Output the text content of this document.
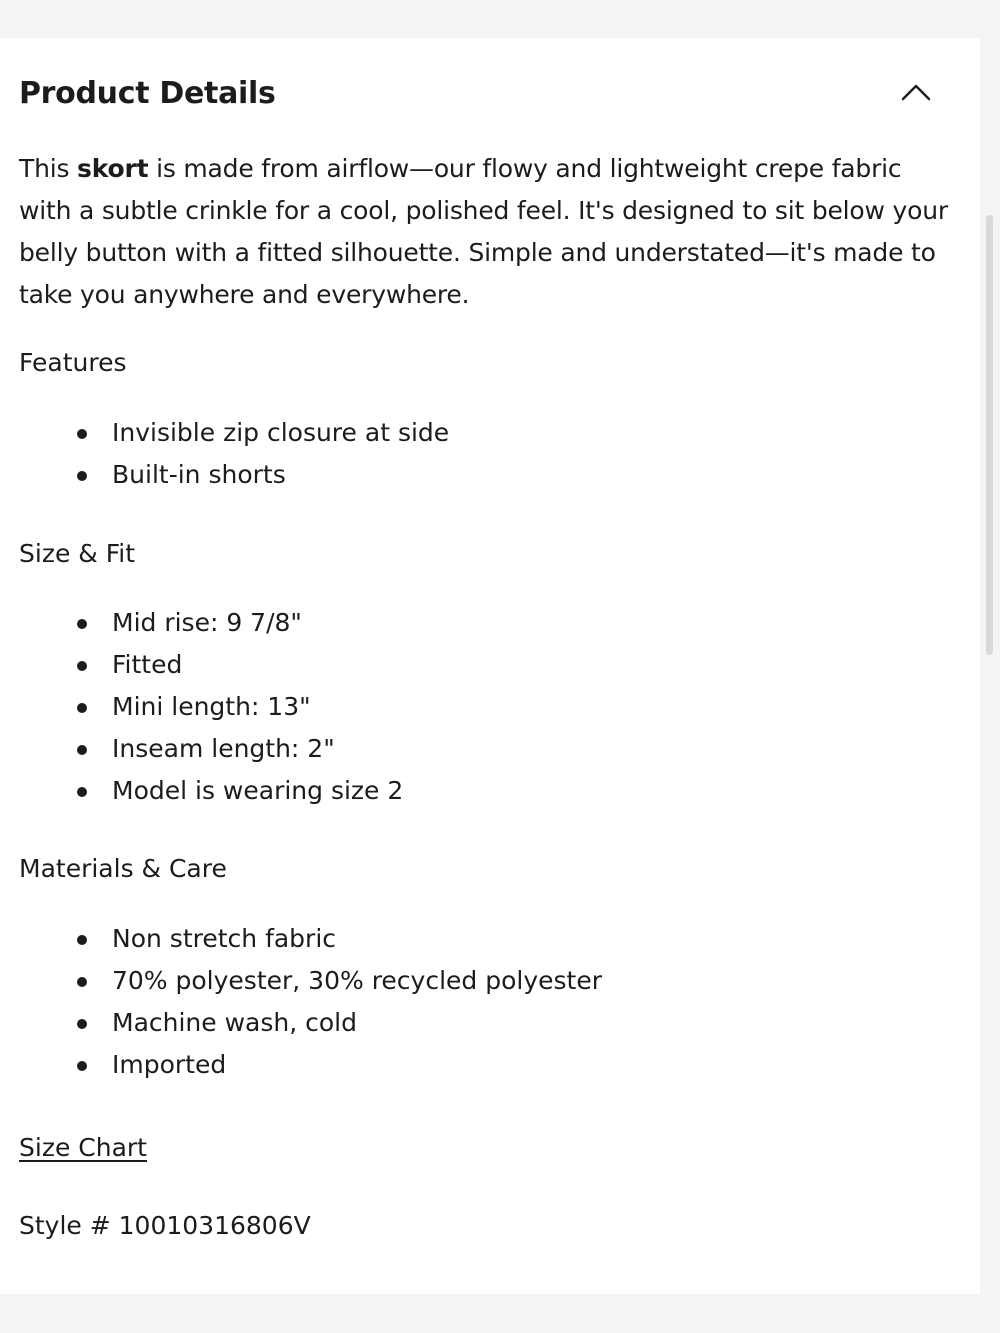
Product Details

This skort is made from airflow—our flowy and lightweight crepe fabric with a subtle crinkle for a cool, polished feel. It's designed to sit below your belly button with a fitted silhouette. Simple and understated—it's made to take you anywhere and everywhere.

Features
Invisible zip closure at side
Built-in shorts
Size & Fit
Mid rise: 9 7/8"
Fitted
Mini length: 13"
Inseam length: 2"
Model is wearing size 2
Materials & Care
Non stretch fabric
70% polyester, 30% recycled polyester
Machine wash, cold
Imported
Size Chart
Style # 10010316806V
